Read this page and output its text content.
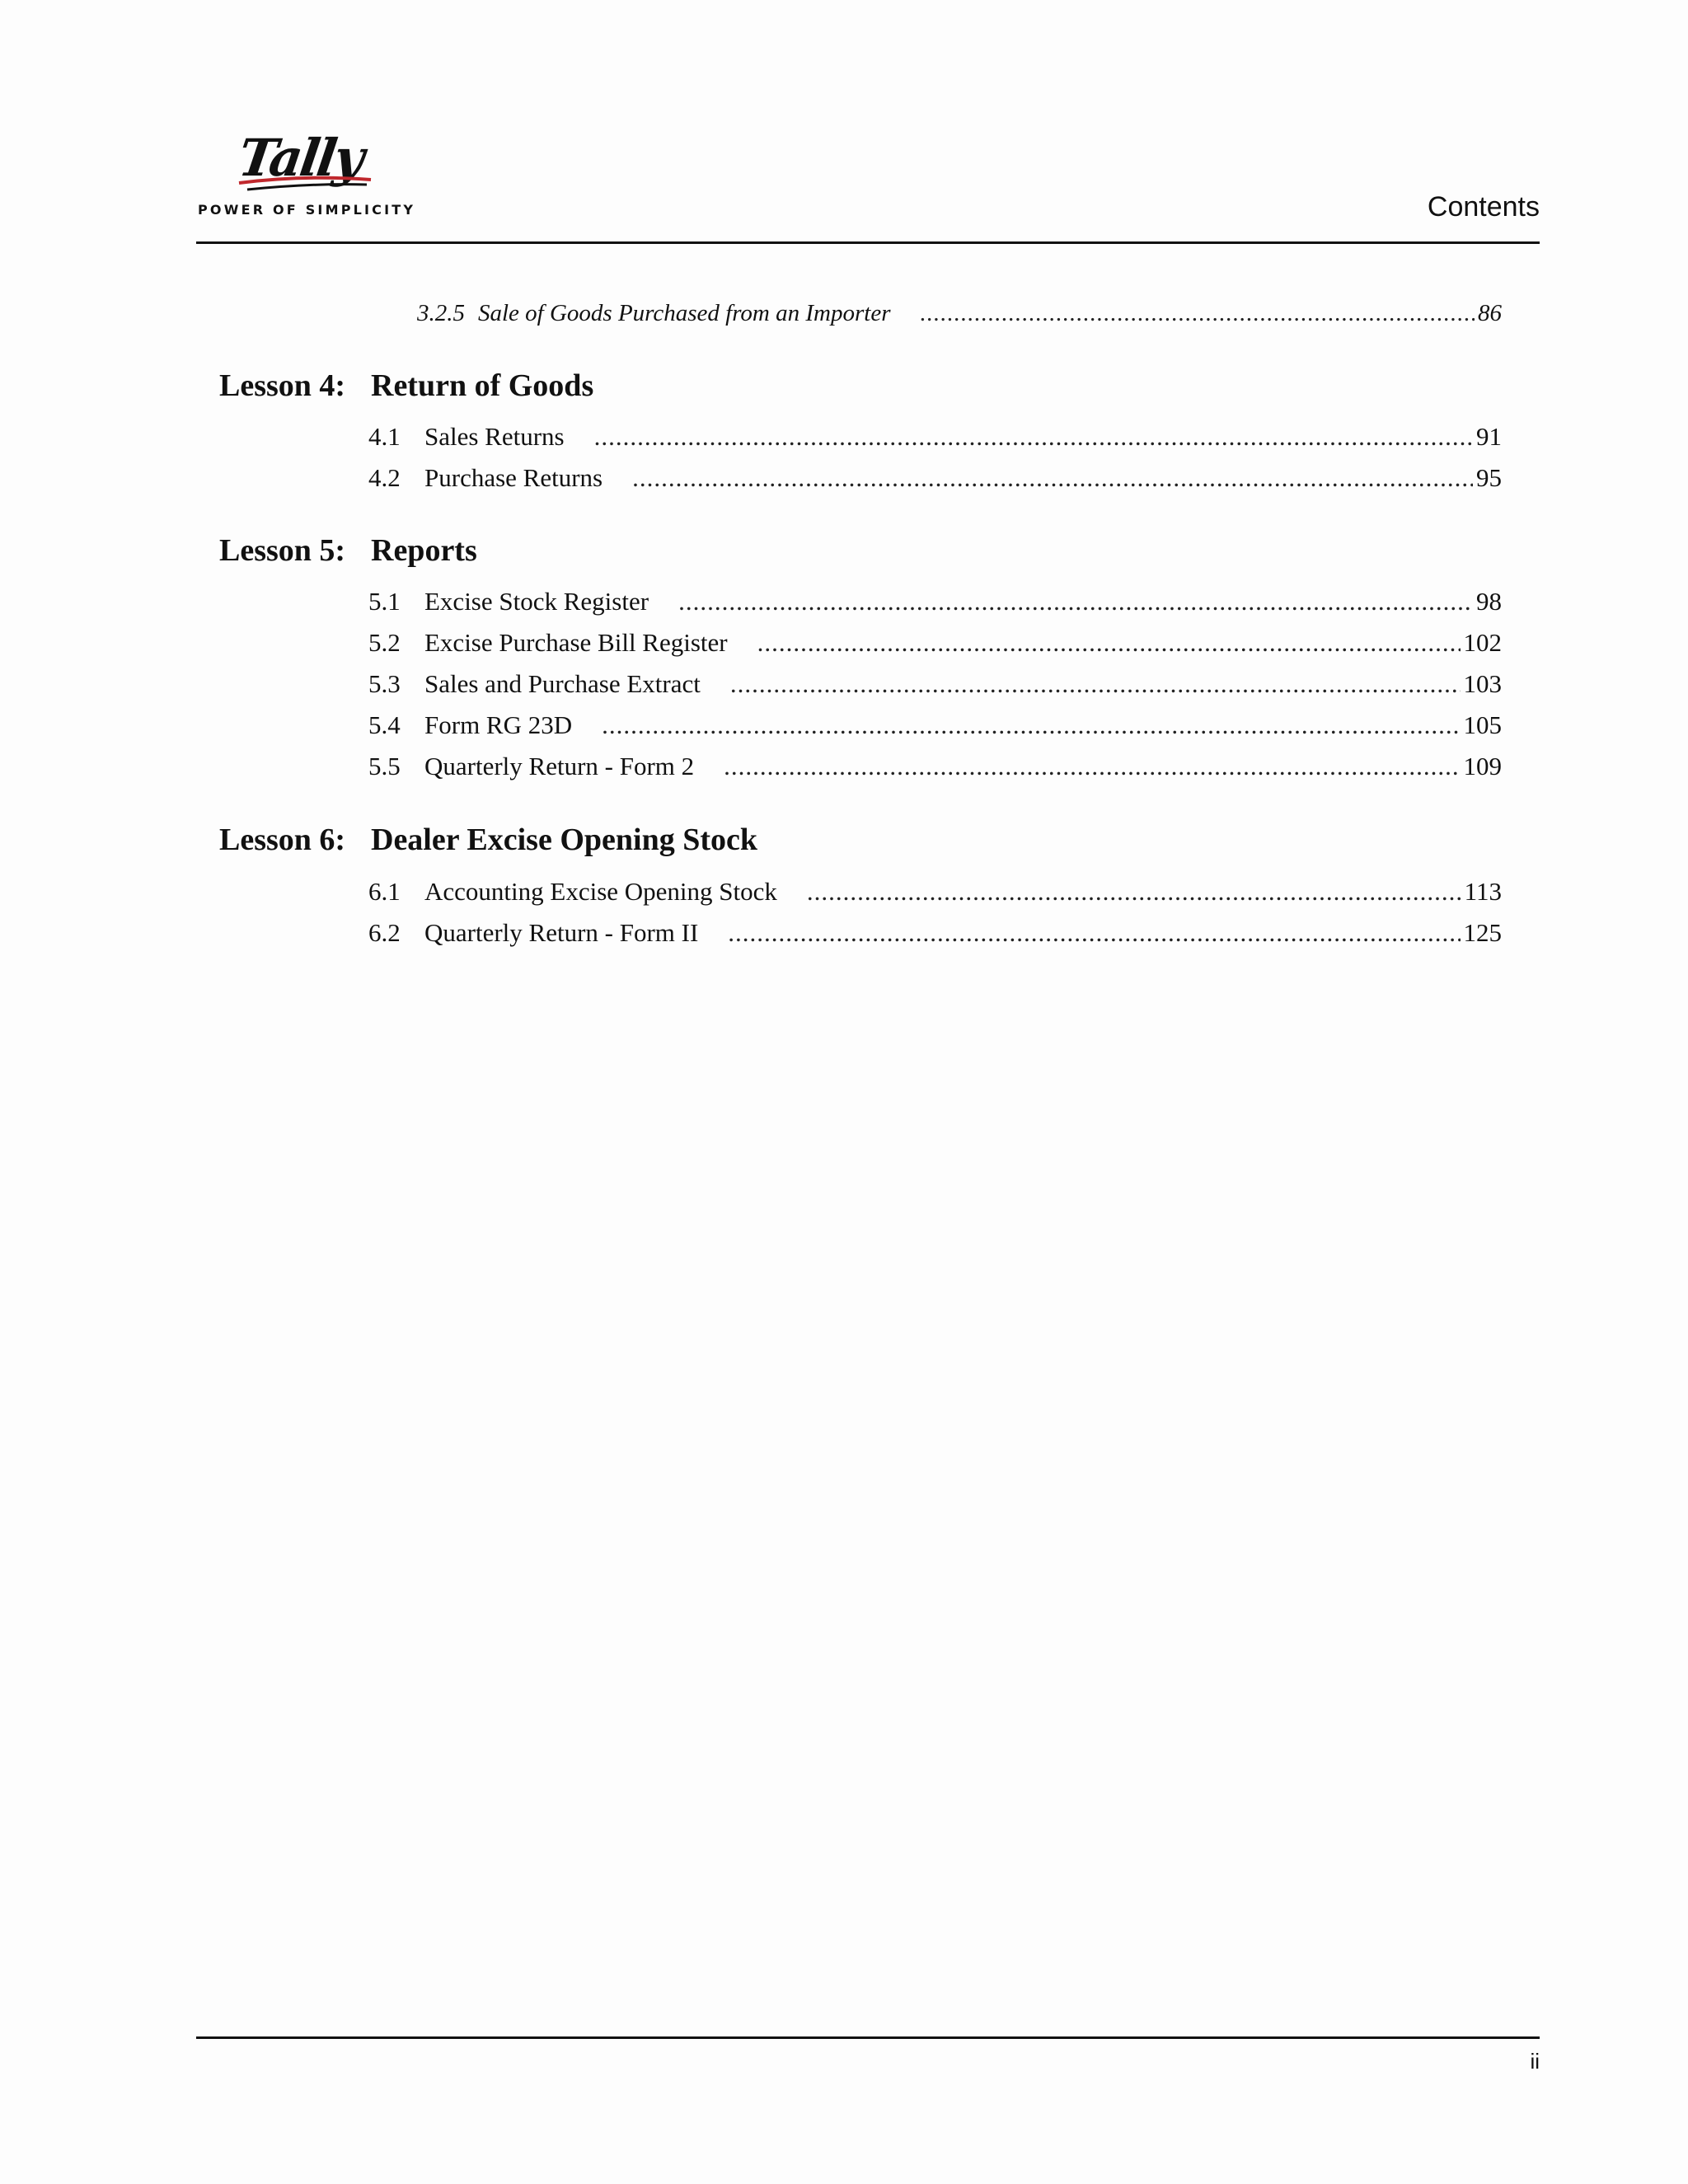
Tally
POWER OF SIMPLICITY	Contents
3.2.5 Sale of Goods Purchased from an Importer .....	86
Lesson 4: Return of Goods
4.1 Sales Returns .....	91
4.2 Purchase Returns .....	95
Lesson 5: Reports
5.1 Excise Stock Register .....	98
5.2 Excise Purchase Bill Register .....	102
5.3 Sales and Purchase Extract .....	103
5.4 Form RG 23D .....	105
5.5 Quarterly Return - Form 2 .....	109
Lesson 6: Dealer Excise Opening Stock
6.1 Accounting Excise Opening Stock .....	113
6.2 Quarterly Return - Form II .....	125
ii
